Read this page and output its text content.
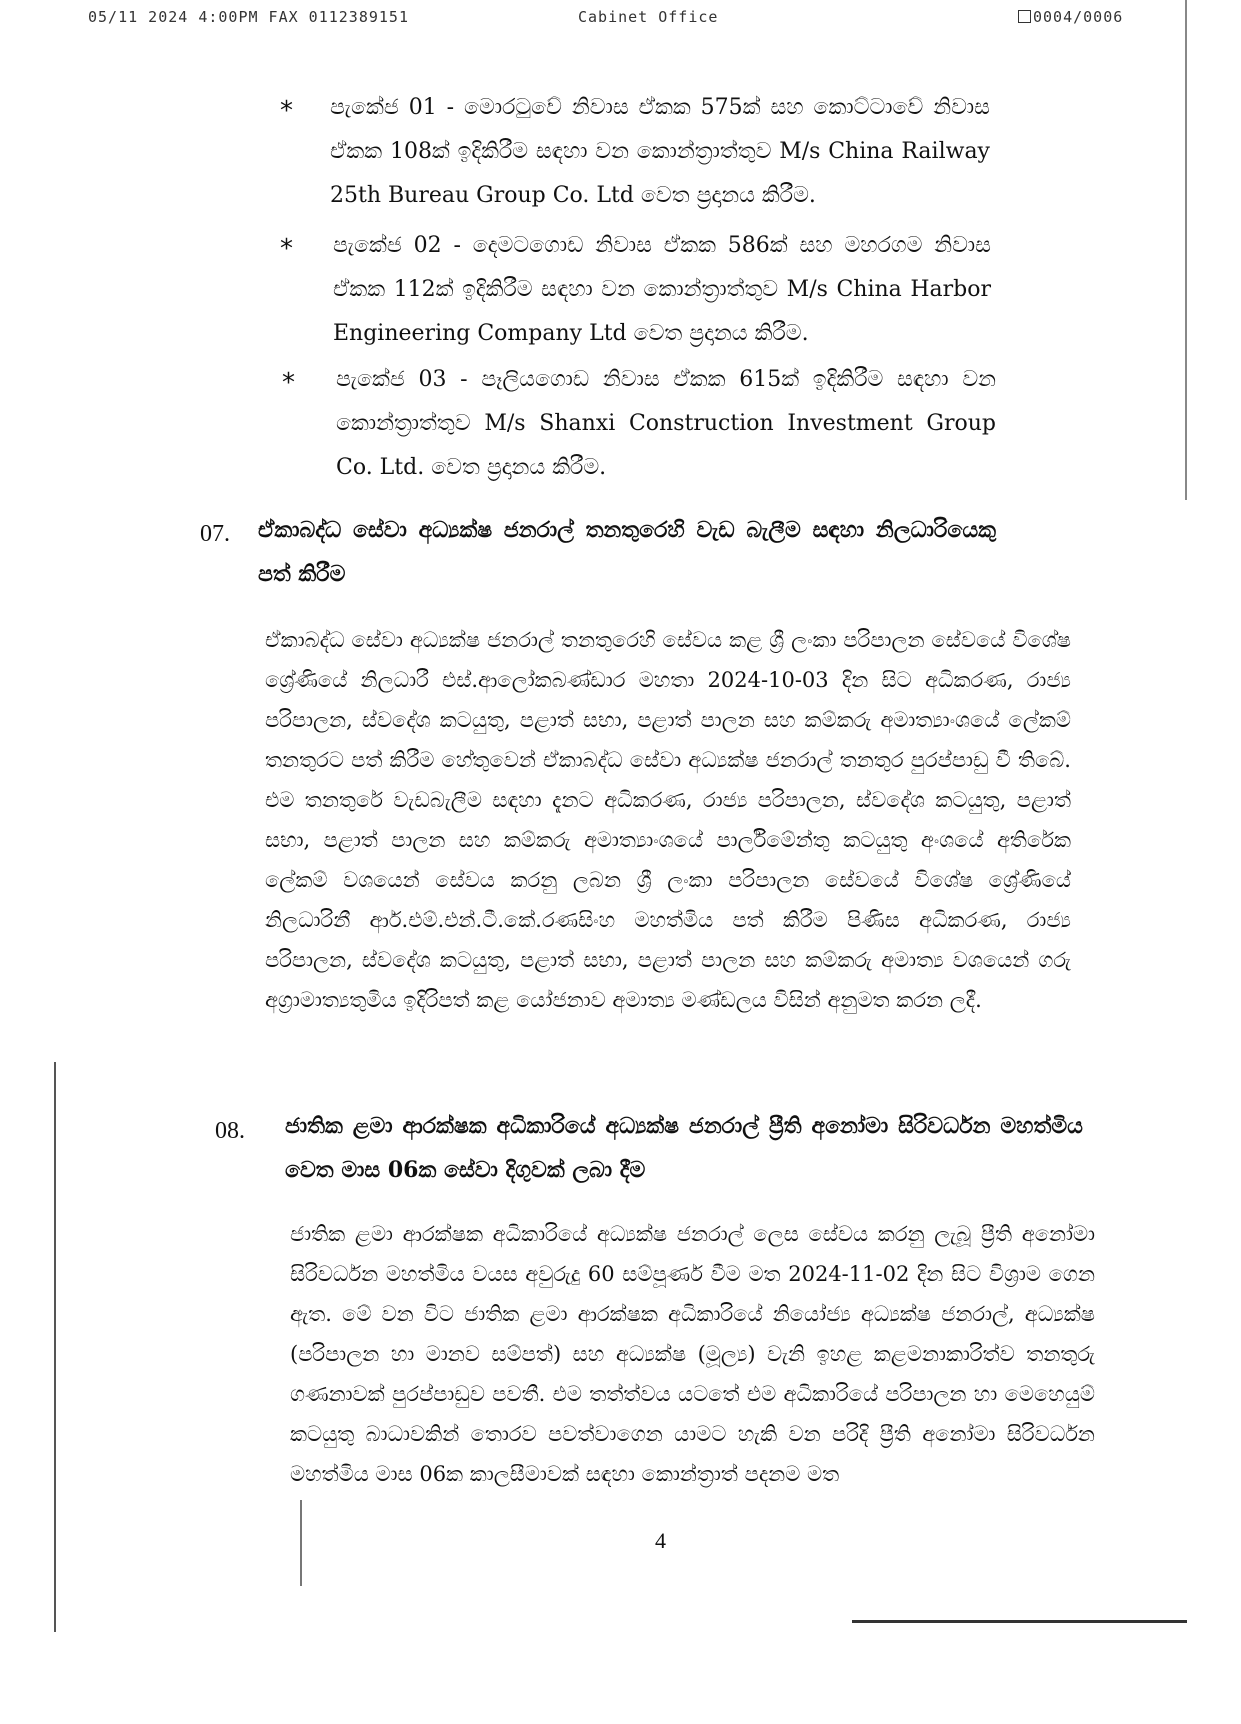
05/11 2024 4:00PM FAX 0112389151	Cabinet Office	0004/0006
* පැකේජ 01 - මොරටුවේ නිවාස ඒකක 575ක් සහ කොට්ටාවේ නිවාස ඒකක 108ක් ඉදිකිරීම සඳහා වන කොන්ත්‍රාත්තුව M/s China Railway 25th Bureau Group Co. Ltd වෙත ප්‍රදානය කිරීම.
* පැකේජ 02 - දෙමටගොඩ නිවාස ඒකක 586ක් සහ මහරගම නිවාස ඒකක 112ක් ඉදිකිරීම සඳහා වන කොන්ත්‍රාත්තුව M/s China Harbor Engineering Company Ltd වෙත ප්‍රදානය කිරීම.
* පැකේජ 03 - පෑලියගොඩ නිවාස ඒකක 615ක් ඉදිකිරීම සඳහා වන කොන්ත්‍රාත්තුව M/s Shanxi Construction Investment Group Co. Ltd. වෙත ප්‍රදානය කිරීම.
07. ඒකාබද්ධ සේවා අධ්‍යක්ෂ ජනරාල් තනතුරෙහි වැඩ බැලීම සඳහා නිලධාරියෙකු පත් කිරීම
ඒකාබද්ධ සේවා අධ්‍යක්ෂ ජනරාල් තනතුරෙහි සේවය කළ ශ්‍රී ලංකා පරිපාලන සේවයේ විශේෂ ශ්‍රේණියේ නිලධාරී එස්.ආලෝකබණ්ඩාර මහතා 2024-10-03 දින සිට අධිකරණ, රාජ්‍ය පරිපාලන, ස්වදේශ කටයුතු, පළාත් සභා, පළාත් පාලන සහ කම්කරු අමාත්‍යාංශයේ ලේකම් තනතුරට පත් කිරීම හේතුවෙන් ඒකාබද්ධ සේවා අධ්‍යක්ෂ ජනරාල් තනතුර පුරප්පාඩු වී තිබේ. එම තනතුරේ වැඩබැලීම සඳහා දැනට අධිකරණ, රාජ්‍ය පරිපාලන, ස්වදේශ කටයුතු, පළාත් සභා, පළාත් පාලන සහ කම්කරු අමාත්‍යාංශයේ පාර්ලිමේන්තු කටයුතු අංශයේ අතිරේක ලේකම් වශයෙන් සේවය කරනු ලබන ශ්‍රී ලංකා පරිපාලන සේවයේ විශේෂ ශ්‍රේණියේ නිලධාරිනී ආර්.එම්.එන්.ටී.කේ.රණසිංහ මහත්මිය පත් කිරීම පිණිස අධිකරණ, රාජ්‍ය පරිපාලන, ස්වදේශ කටයුතු, පළාත් සභා, පළාත් පාලන සහ කම්කරු අමාත්‍ය වශයෙන් ගරු අග්‍රාමාත්‍යතුමිය ඉදිරිපත් කළ යෝජනාව අමාත්‍ය මණ්ඩලය විසින් අනුමත කරන ලදී.
08. ජාතික ළමා ආරක්ෂක අධිකාරියේ අධ්‍යක්ෂ ජනරාල් ප්‍රීති අනෝමා සිරිවර්ධන මහත්මිය වෙත මාස 06ක සේවා දිගුවක් ලබා දීම
ජාතික ළමා ආරක්ෂක අධිකාරියේ අධ්‍යක්ෂ ජනරාල් ලෙස සේවය කරනු ලැබූ ප්‍රීති අනෝමා සිරිවර්ධන මහත්මිය වයස අවුරුදු 60 සම්පූර්ණ වීම මත 2024-11-02 දින සිට විශ්‍රාම ගෙන ඇත. මේ වන විට ජාතික ළමා ආරක්ෂක අධිකාරියේ නියෝජ්‍ය අධ්‍යක්ෂ ජනරාල්, අධ්‍යක්ෂ (පරිපාලන හා මානව සම්පත්) සහ අධ්‍යක්ෂ (මූල්‍ය) වැනි ඉහළ කළමනාකාරිත්ව තනතුරු ගණනාවක් පුරප්පාඩුව පවතී. එම තත්ත්වය යටතේ එම අධිකාරියේ පරිපාලන හා මෙහෙයුම් කටයුතු බාධාවකින් තොරව පවත්වාගෙන යාමට හැකි වන පරිදි ප්‍රීති අනෝමා සිරිවර්ධන මහත්මිය මාස 06ක කාලසීමාවක් සඳහා කොන්ත්‍රාත් පදනම මත
4
